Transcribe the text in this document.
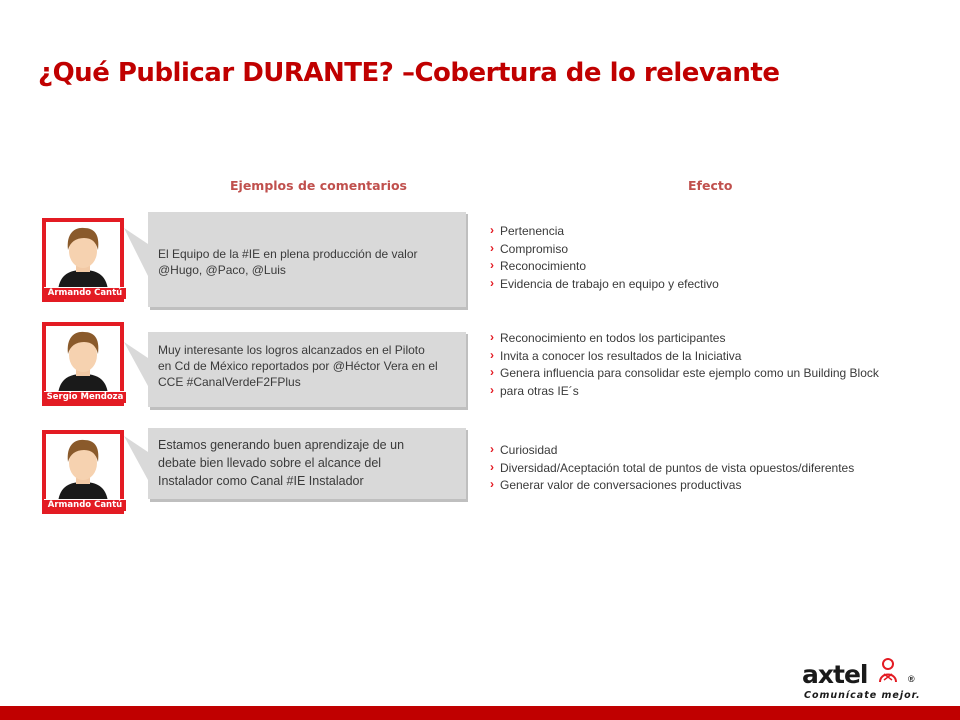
¿Qué Publicar DURANTE? –Cobertura de lo relevante
Ejemplos de comentarios	Efecto
Armando Cantú
El Equipo de la #IE en plena producción de valor
@Hugo, @Paco, @Luis
› Pertenencia
› Compromiso
› Reconocimiento
› Evidencia de trabajo en equipo y efectivo
Sergio Mendoza
Muy interesante los logros alcanzados en el Piloto
en Cd de México reportados por @Héctor Vera en el
CCE #CanalVerdeF2FPlus
› Reconocimiento en todos los participantes
› Invita a conocer los resultados de la Iniciativa
› Genera influencia para consolidar este ejemplo como un Building Block
› para otras IE´s
Armando Cantú
Estamos generando buen aprendizaje de un
debate bien llevado sobre el alcance del
Instalador como Canal #IE Instalador
› Curiosidad
› Diversidad/Aceptación total de puntos de vista opuestos/diferentes
› Generar valor de conversaciones productivas
axtel	®
Comunícate mejor.
